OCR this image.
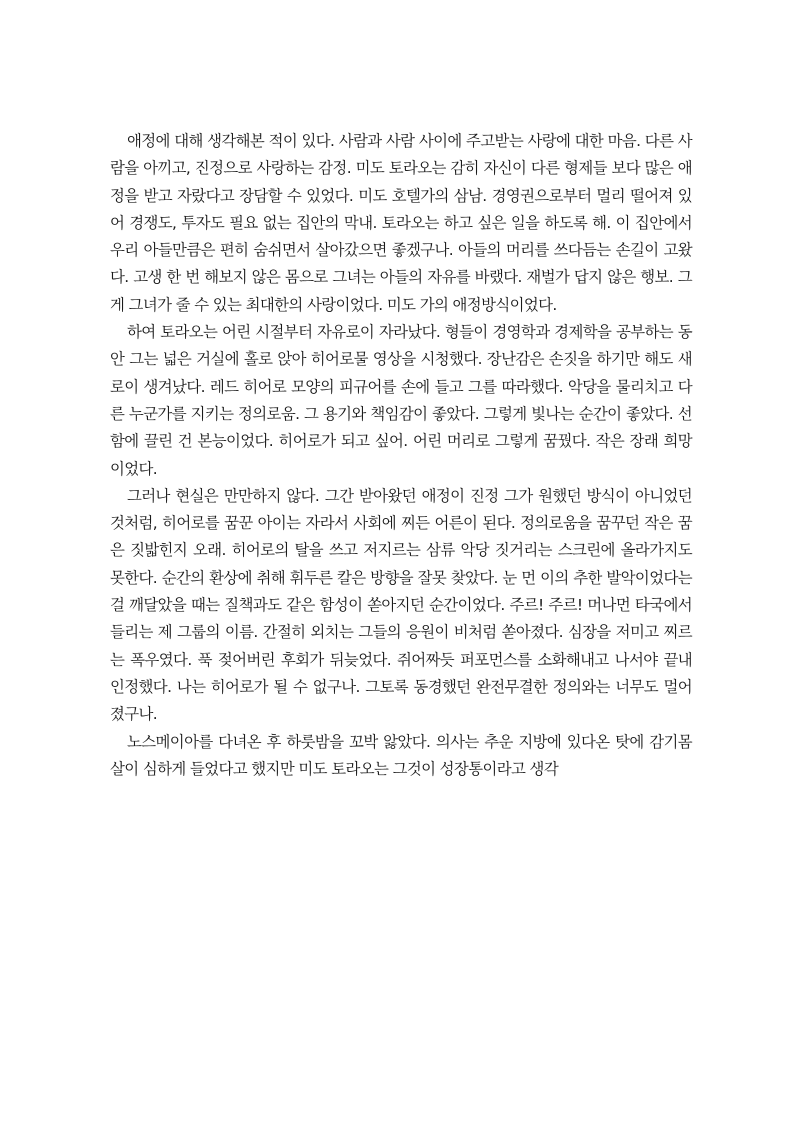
애정에 대해 생각해본 적이 있다. 사람과 사람 사이에 주고받는 사랑에 대한 마음. 다른 사람을 아끼고, 진정으로 사랑하는 감정. 미도 토라오는 감히 자신이 다른 형제들 보다 많은 애정을 받고 자랐다고 장담할 수 있었다. 미도 호텔가의 삼남. 경영권으로부터 멀리 떨어져 있어 경쟁도, 투자도 필요 없는 집안의 막내. 토라오는 하고 싶은 일을 하도록 해. 이 집안에서 우리 아들만큼은 편히 숨쉬면서 살아갔으면 좋겠구나. 아들의 머리를 쓰다듬는 손길이 고왔다. 고생 한 번 해보지 않은 몸으로 그녀는 아들의 자유를 바랬다. 재벌가 답지 않은 행보. 그게 그녀가 줄 수 있는 최대한의 사랑이었다. 미도 가의 애정방식이었다.

하여 토라오는 어린 시절부터 자유로이 자라났다. 형들이 경영학과 경제학을 공부하는 동안 그는 넓은 거실에 홀로 앉아 히어로물 영상을 시청했다. 장난감은 손짓을 하기만 해도 새로이 생겨났다. 레드 히어로 모양의 피규어를 손에 들고 그를 따라했다. 악당을 물리치고 다른 누군가를 지키는 정의로움. 그 용기와 책임감이 좋았다. 그렇게 빛나는 순간이 좋았다. 선함에 끌린 건 본능이었다. 히어로가 되고 싶어. 어린 머리로 그렇게 꿈꿨다. 작은 장래 희망이었다.

그러나 현실은 만만하지 않다. 그간 받아왔던 애정이 진정 그가 원했던 방식이 아니었던 것처럼, 히어로를 꿈꾼 아이는 자라서 사회에 찌든 어른이 된다. 정의로움을 꿈꾸던 작은 꿈은 짓밟힌지 오래. 히어로의 탈을 쓰고 저지르는 삼류 악당 짓거리는 스크린에 올라가지도 못한다. 순간의 환상에 취해 휘두른 칼은 방향을 잘못 찾았다. 눈 먼 이의 추한 발악이었다는 걸 깨달았을 때는 질책과도 같은 함성이 쏟아지던 순간이었다. 주르! 주르! 머나먼 타국에서 들리는 제 그룹의 이름. 간절히 외치는 그들의 응원이 비처럼 쏟아졌다. 심장을 저미고 찌르는 폭우였다. 푹 젖어버린 후회가 뒤늦었다. 쥐어짜듯 퍼포먼스를 소화해내고 나서야 끝내 인정했다. 나는 히어로가 될 수 없구나. 그토록 동경했던 완전무결한 정의와는 너무도 멀어졌구나.

노스메이아를 다녀온 후 하룻밤을 꼬박 앓았다. 의사는 추운 지방에 있다온 탓에 감기몸살이 심하게 들었다고 했지만 미도 토라오는 그것이 성장통이라고 생각
